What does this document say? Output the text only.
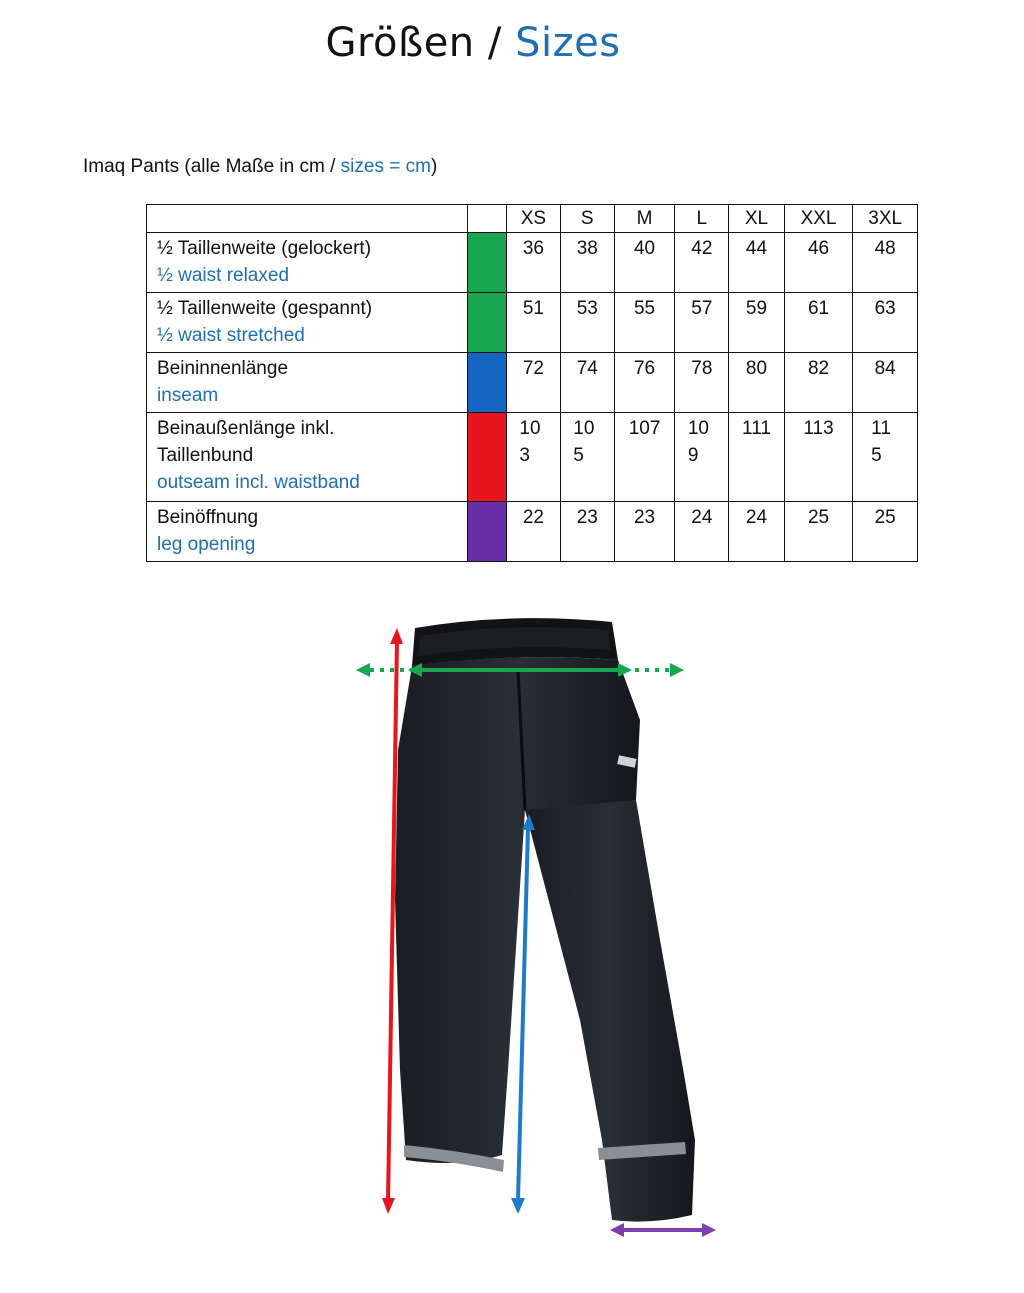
Größen / Sizes
Imaq Pants (alle Maße in cm / sizes = cm)
		XS	S	M	L	XL	XXL	3XL

½ Taillenweite (gelockert)
½ waist relaxed		36	38	40	42	44	46	48

½ Taillenweite (gespannt)
½ waist stretched		51	53	55	57	59	61	63

Beininnenlänge
inseam		72	74	76	78	80	82	84

Beinaußenlänge inkl. Taillenbund
outseam incl. waistband		103	105	107	109	111	113	115

Beinöffnung
leg opening		22	23	23	24	24	25	25
